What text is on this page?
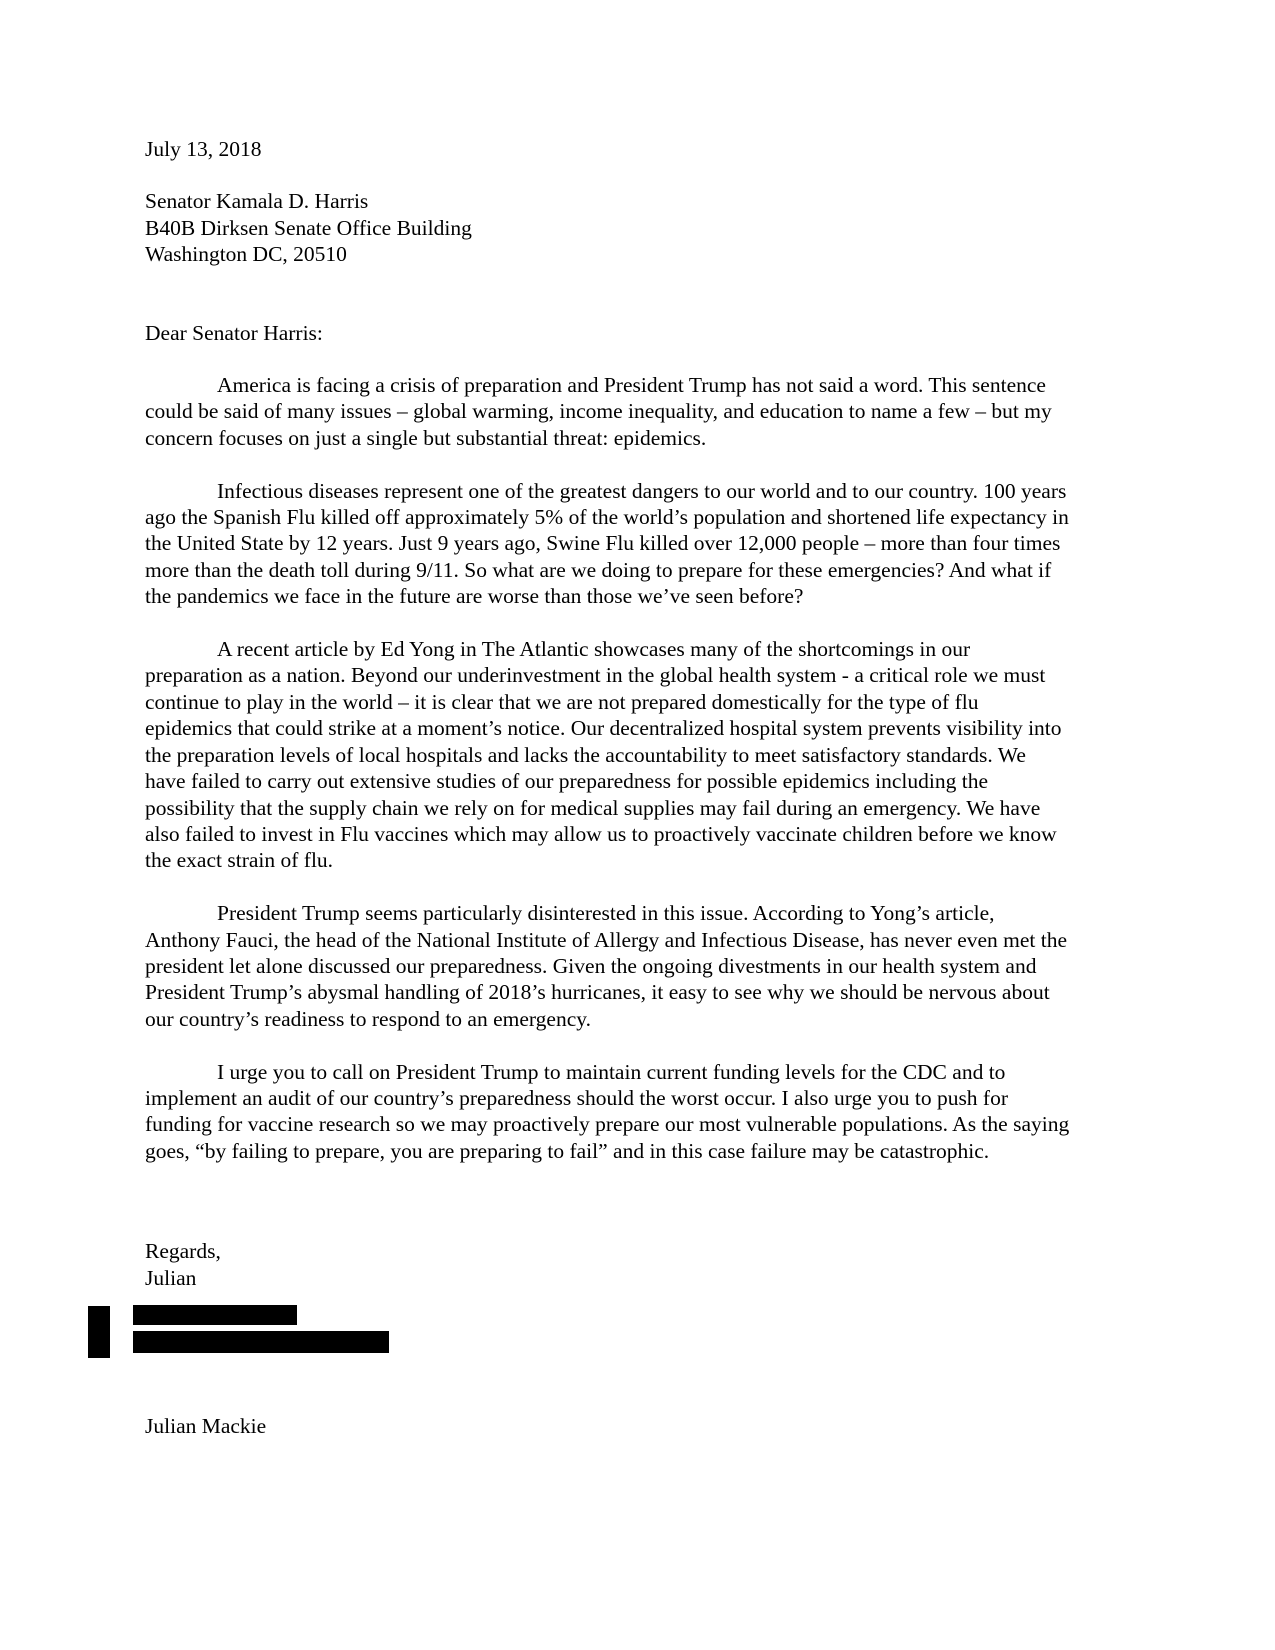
July 13, 2018
Senator Kamala D. Harris
B40B Dirksen Senate Office Building
Washington DC, 20510
Dear Senator Harris:

America is facing a crisis of preparation and President Trump has not said a word. This sentence could be said of many issues – global warming, income inequality, and education to name a few – but my concern focuses on just a single but substantial threat: epidemics.

Infectious diseases represent one of the greatest dangers to our world and to our country. 100 years ago the Spanish Flu killed off approximately 5% of the world’s population and shortened life expectancy in the United State by 12 years. Just 9 years ago, Swine Flu killed over 12,000 people – more than four times more than the death toll during 9/11. So what are we doing to prepare for these emergencies? And what if the pandemics we face in the future are worse than those we’ve seen before?

A recent article by Ed Yong in The Atlantic showcases many of the shortcomings in our preparation as a nation. Beyond our underinvestment in the global health system - a critical role we must continue to play in the world – it is clear that we are not prepared domestically for the type of flu epidemics that could strike at a moment’s notice. Our decentralized hospital system prevents visibility into the preparation levels of local hospitals and lacks the accountability to meet satisfactory standards. We have failed to carry out extensive studies of our preparedness for possible epidemics including the possibility that the supply chain we rely on for medical supplies may fail during an emergency. We have also failed to invest in Flu vaccines which may allow us to proactively vaccinate children before we know the exact strain of flu.

President Trump seems particularly disinterested in this issue. According to Yong’s article, Anthony Fauci, the head of the National Institute of Allergy and Infectious Disease, has never even met the president let alone discussed our preparedness. Given the ongoing divestments in our health system and President Trump’s abysmal handling of 2018’s hurricanes, it easy to see why we should be nervous about our country’s readiness to respond to an emergency.

I urge you to call on President Trump to maintain current funding levels for the CDC and to implement an audit of our country’s preparedness should the worst occur. I also urge you to push for funding for vaccine research so we may proactively prepare our most vulnerable populations. As the saying goes, “by failing to prepare, you are preparing to fail” and in this case failure may be catastrophic.

Regards,
Julian
Julian Mackie
